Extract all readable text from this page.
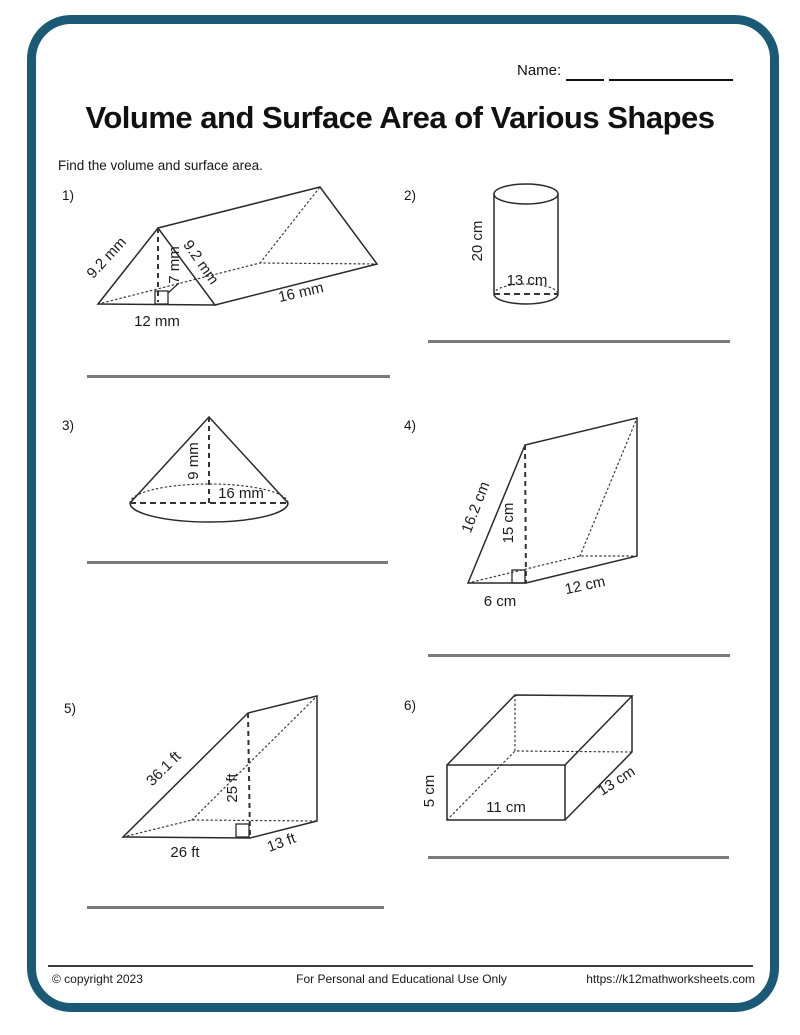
Name:
Volume and Surface Area of Various Shapes
Find the volume and surface area.
1)
9.2 mm	9.2 mm
7 mm
16 mm
12 mm
2)
20 cm
13 cm
3)
9 mm
16 mm
4)
16.2 cm 15 cm
6 cm
12 cm
5)
36.1 ft	25 ft
26 ft	13 ft
6)
5 cm
11 cm
13 cm
© copyright 2023	For Personal and Educational Use Only	https://k12mathworksheets.com
